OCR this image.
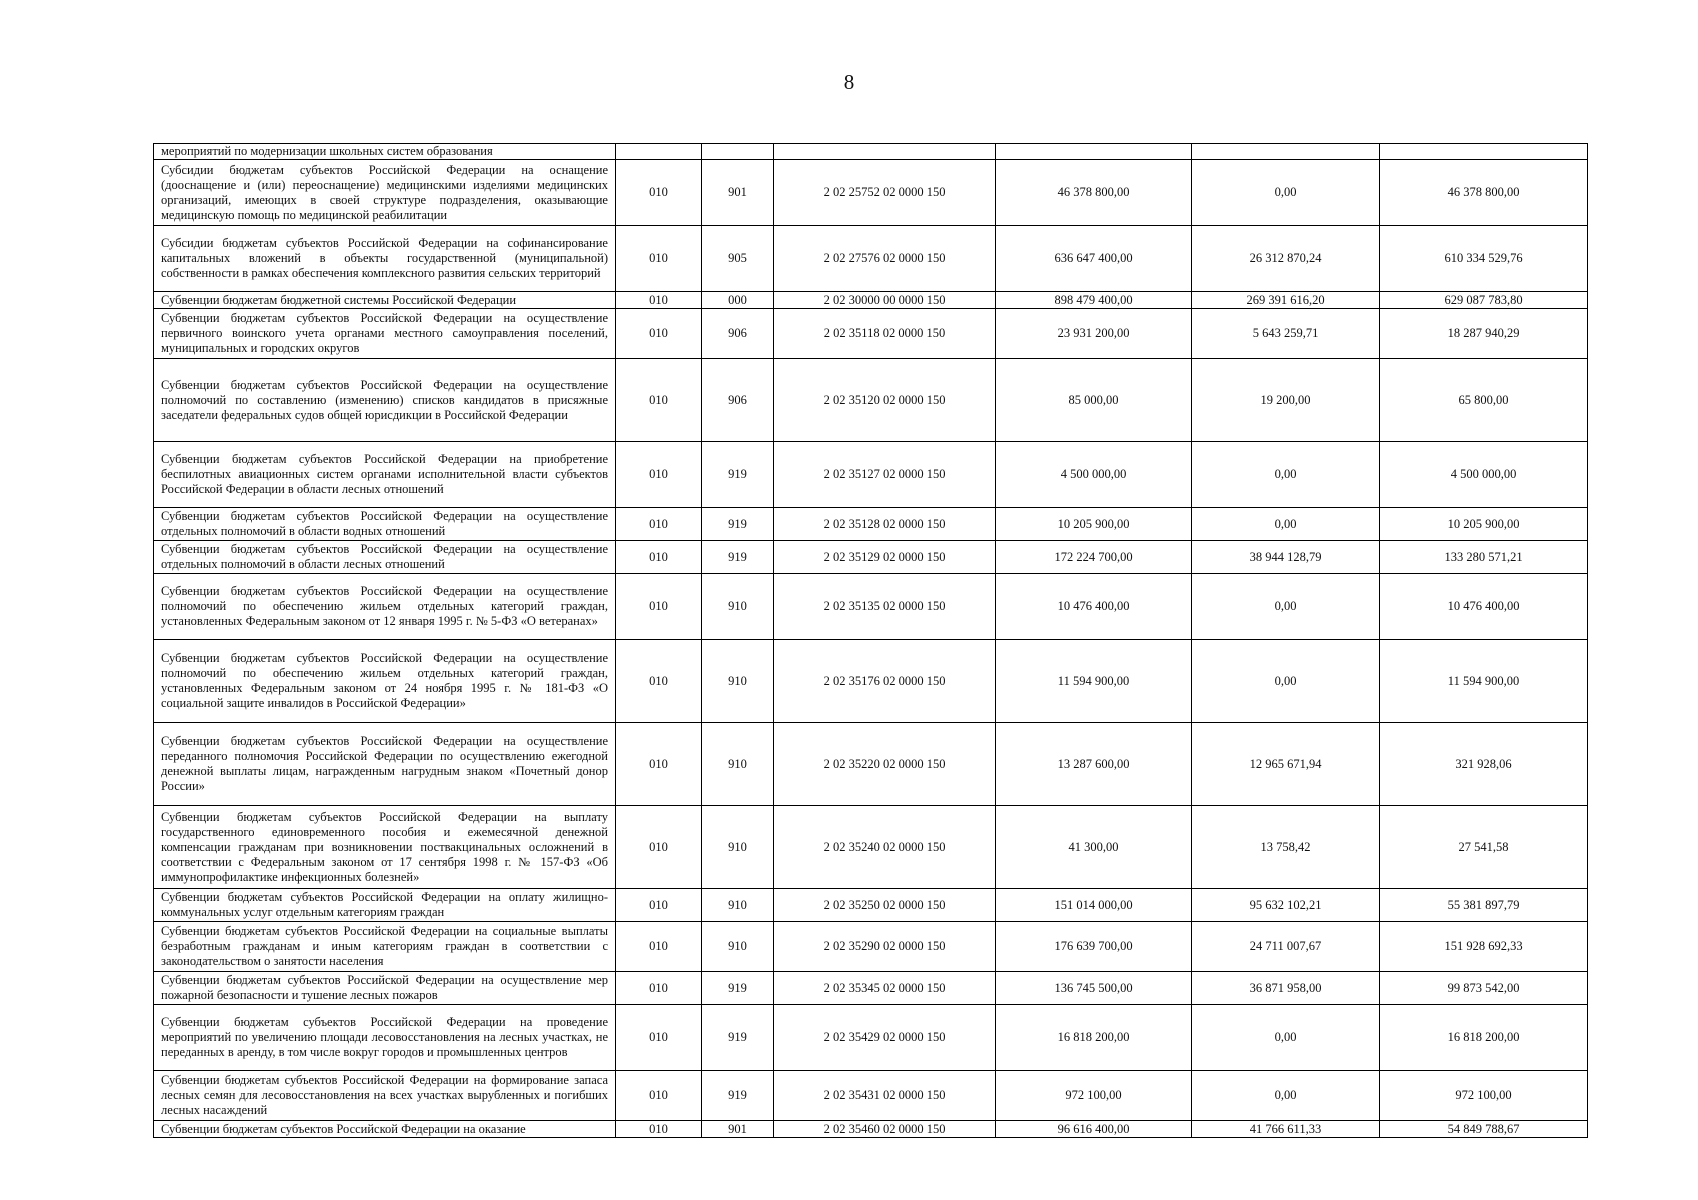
8
мероприятий по модернизации школьных систем образования						
Субсидии бюджетам субъектов Российской Федерации на оснащение (дооснащение и (или) переоснащение) медицинскими изделиями медицинских организаций, имеющих в своей структуре подразделения, оказывающие медицинскую помощь по медицинской реабилитации	010	901	2 02 25752 02 0000 150	46 378 800,00	0,00	46 378 800,00
Субсидии бюджетам субъектов Российской Федерации на софинансирование капитальных вложений в объекты государственной (муниципальной) собственности в рамках обеспечения комплексного развития сельских территорий	010	905	2 02 27576 02 0000 150	636 647 400,00	26 312 870,24	610 334 529,76
Субвенции бюджетам бюджетной системы Российской Федерации	010	000	2 02 30000 00 0000 150	898 479 400,00	269 391 616,20	629 087 783,80
Субвенции бюджетам субъектов Российской Федерации на осуществление первичного воинского учета органами местного самоуправления поселений, муниципальных и городских округов	010	906	2 02 35118 02 0000 150	23 931 200,00	5 643 259,71	18 287 940,29
Субвенции бюджетам субъектов Российской Федерации на осуществление полномочий по составлению (изменению) списков кандидатов в присяжные заседатели федеральных судов общей юрисдикции в Российской Федерации	010	906	2 02 35120 02 0000 150	85 000,00	19 200,00	65 800,00
Субвенции бюджетам субъектов Российской Федерации на приобретение беспилотных авиационных систем органами исполнительной власти субъектов Российской Федерации в области лесных отношений	010	919	2 02 35127 02 0000 150	4 500 000,00	0,00	4 500 000,00
Субвенции бюджетам субъектов Российской Федерации на осуществление отдельных полномочий в области водных отношений	010	919	2 02 35128 02 0000 150	10 205 900,00	0,00	10 205 900,00
Субвенции бюджетам субъектов Российской Федерации на осуществление отдельных полномочий в области лесных отношений	010	919	2 02 35129 02 0000 150	172 224 700,00	38 944 128,79	133 280 571,21
Субвенции бюджетам субъектов Российской Федерации на осуществление полномочий по обеспечению жильем отдельных категорий граждан, установленных Федеральным законом от 12 января 1995 г. № 5-ФЗ «О ветеранах»	010	910	2 02 35135 02 0000 150	10 476 400,00	0,00	10 476 400,00
Субвенции бюджетам субъектов Российской Федерации на осуществление полномочий по обеспечению жильем отдельных категорий граждан, установленных Федеральным законом от 24 ноября 1995 г. № 181-ФЗ «О социальной защите инвалидов в Российской Федерации»	010	910	2 02 35176 02 0000 150	11 594 900,00	0,00	11 594 900,00
Субвенции бюджетам субъектов Российской Федерации на осуществление переданного полномочия Российской Федерации по осуществлению ежегодной денежной выплаты лицам, награжденным нагрудным знаком «Почетный донор России»	010	910	2 02 35220 02 0000 150	13 287 600,00	12 965 671,94	321 928,06
Субвенции бюджетам субъектов Российской Федерации на выплату государственного единовременного пособия и ежемесячной денежной компенсации гражданам при возникновении поствакцинальных осложнений в соответствии с Федеральным законом от 17 сентября 1998 г. № 157-ФЗ «Об иммунопрофилактике инфекционных болезней»	010	910	2 02 35240 02 0000 150	41 300,00	13 758,42	27 541,58
Субвенции бюджетам субъектов Российской Федерации на оплату жилищно-коммунальных услуг отдельным категориям граждан	010	910	2 02 35250 02 0000 150	151 014 000,00	95 632 102,21	55 381 897,79
Субвенции бюджетам субъектов Российской Федерации на социальные выплаты безработным гражданам и иным категориям граждан в соответствии с законодательством о занятости населения	010	910	2 02 35290 02 0000 150	176 639 700,00	24 711 007,67	151 928 692,33
Субвенции бюджетам субъектов Российской Федерации на осуществление мер пожарной безопасности и тушение лесных пожаров	010	919	2 02 35345 02 0000 150	136 745 500,00	36 871 958,00	99 873 542,00
Субвенции бюджетам субъектов Российской Федерации на проведение мероприятий по увеличению площади лесовосстановления на лесных участках, не переданных в аренду, в том числе вокруг городов и промышленных центров	010	919	2 02 35429 02 0000 150	16 818 200,00	0,00	16 818 200,00
Субвенции бюджетам субъектов Российской Федерации на формирование запаса лесных семян для лесовосстановления на всех участках вырубленных и погибших лесных насаждений	010	919	2 02 35431 02 0000 150	972 100,00	0,00	972 100,00
Субвенции бюджетам субъектов Российской Федерации на оказание	010	901	2 02 35460 02 0000 150	96 616 400,00	41 766 611,33	54 849 788,67
